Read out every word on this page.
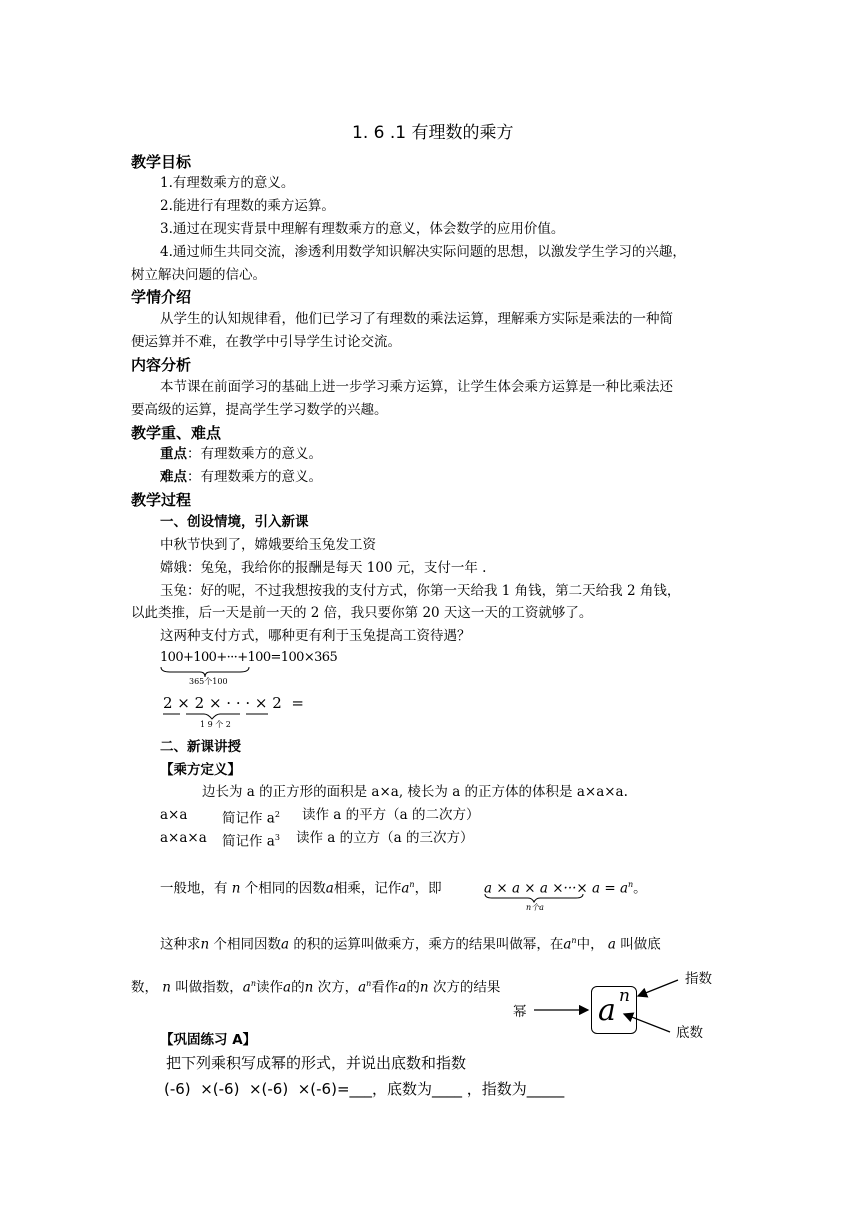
1. 6 .1 有理数的乘方
教学目标
1.有理数乘方的意义。
2.能进行有理数的乘方运算。
3.通过在现实背景中理解有理数乘方的意义，体会数学的应用价值。
4.通过师生共同交流，渗透利用数学知识解决实际问题的思想，以激发学生学习的兴趣，
树立解决问题的信心。
学情介绍
从学生的认知规律看，他们已学习了有理数的乘法运算，理解乘方实际是乘法的一种简
便运算并不难，在教学中引导学生讨论交流。
内容分析
本节课在前面学习的基础上进一步学习乘方运算，让学生体会乘方运算是一种比乘法还
要高级的运算，提高学生学习数学的兴趣。
教学重、难点
重点：有理数乘方的意义。
难点：有理数乘方的意义。
教学过程
一、创设情境，引入新课
中秋节快到了，嫦娥要给玉兔发工资
嫦娥：兔兔，我给你的报酬是每天 100 元，支付一年 .
玉兔：好的呢，不过我想按我的支付方式，你第一天给我 1 角钱，第二天给我 2 角钱，
以此类推，后一天是前一天的 2 倍，我只要你第 20 天这一天的工资就够了。
这两种支付方式，哪种更有利于玉兔提高工资待遇？
100+100+···+100=100×365
365个100
2 × 2 × · · · × 2  =
1 9 个 2
二、新课讲授
【乘方定义】
边长为 a 的正方形的面积是 a×a, 棱长为 a 的正方体的体积是 a×a×a.
a×a	简记作 $a^2$ 读作 a 的平方（a 的二次方）
a×a×a 简记作 $a^3$ 读作 a 的立方（a 的三次方）
一般地，有 n 个相同的因数a相乘，记作$a^n$，即	a × a × a ×···× $a = a^n$。
n个a
这种求n 个相同因数a 的积的运算叫做乘方，乘方的结果叫做幂，在$a^n$中， a 叫做底
数， n 叫做指数，$a^n$读作a的n 次方，$a^n$看作a的n 次方的结果
指数
幂
底数
a n
【巩固练习 A】
把下列乘积写成幂的形式，并说出底数和指数
(-6)  ×(-6)  ×(-6)  ×(-6)=___，底数为____ ，指数为_____
